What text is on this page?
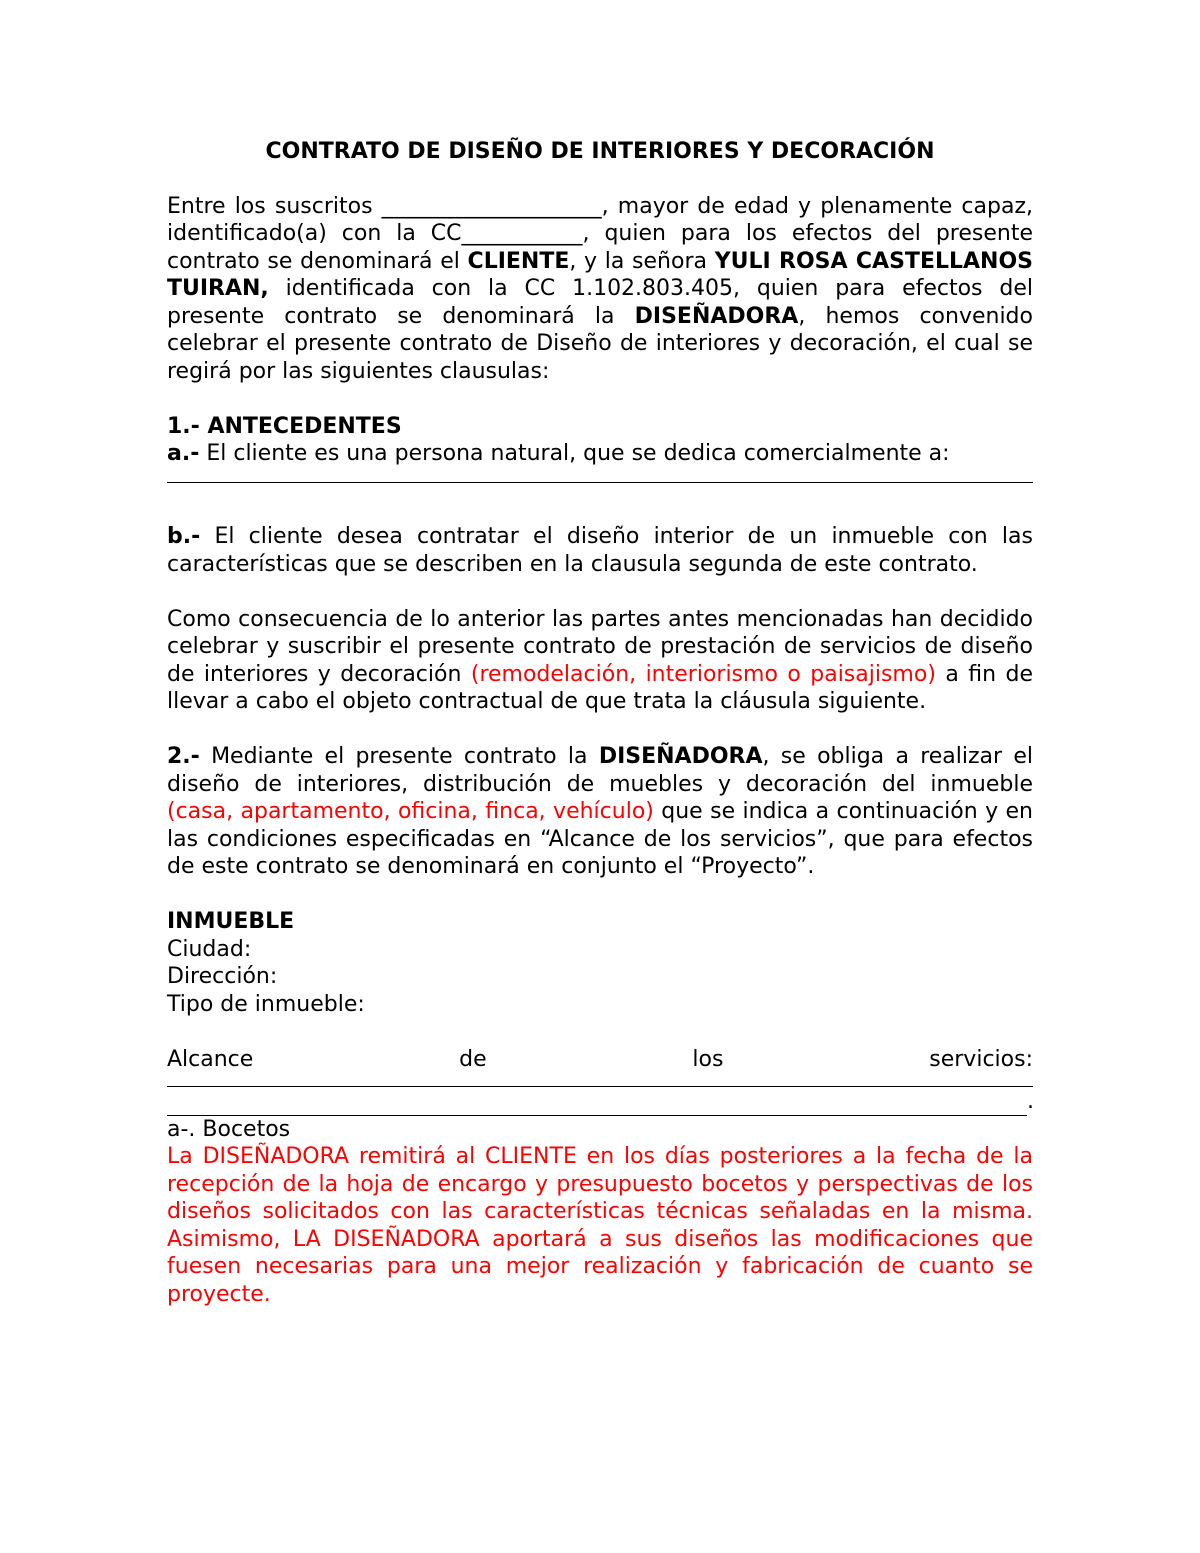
CONTRATO DE DISEÑO DE INTERIORES Y DECORACIÓN

Entre los suscritos ____________________, mayor de edad y plenamente capaz, identificado(a) con la CC___________, quien para los efectos del presente contrato se denominará el CLIENTE, y la señora YULI ROSA CASTELLANOS TUIRAN, identificada con la CC 1.102.803.405, quien para efectos del presente contrato se denominará la DISEÑADORA, hemos convenido celebrar el presente contrato de Diseño de interiores y decoración, el cual se regirá por las siguientes clausulas:

1.- ANTECEDENTES

a.- El cliente es una persona natural, que se dedica comercialmente a:

b.- El cliente desea contratar el diseño interior de un inmueble con las características que se describen en la clausula segunda de este contrato.

Como consecuencia de lo anterior las partes antes mencionadas han decidido celebrar y suscribir el presente contrato de prestación de servicios de diseño de interiores y decoración (remodelación, interiorismo o paisajismo) a fin de llevar a cabo el objeto contractual de que trata la cláusula siguiente.

2.- Mediante el presente contrato la DISEÑADORA, se obliga a realizar el diseño de interiores, distribución de muebles y decoración del inmueble (casa, apartamento, oficina, finca, vehículo) que se indica a continuación y en las condiciones especificadas en “Alcance de los servicios”, que para efectos de este contrato se denominará en conjunto el “Proyecto”.

INMUEBLE

Ciudad:

Dirección:

Tipo de inmueble:

Alcance	de	los	servicios:
.

a-. Bocetos

La DISEÑADORA remitirá al CLIENTE en los días posteriores a la fecha de la recepción de la hoja de encargo y presupuesto bocetos y perspectivas de los diseños solicitados con las características técnicas señaladas en la misma. Asimismo, LA DISEÑADORA aportará a sus diseños las modificaciones que fuesen necesarias para una mejor realización y fabricación de cuanto se proyecte.
